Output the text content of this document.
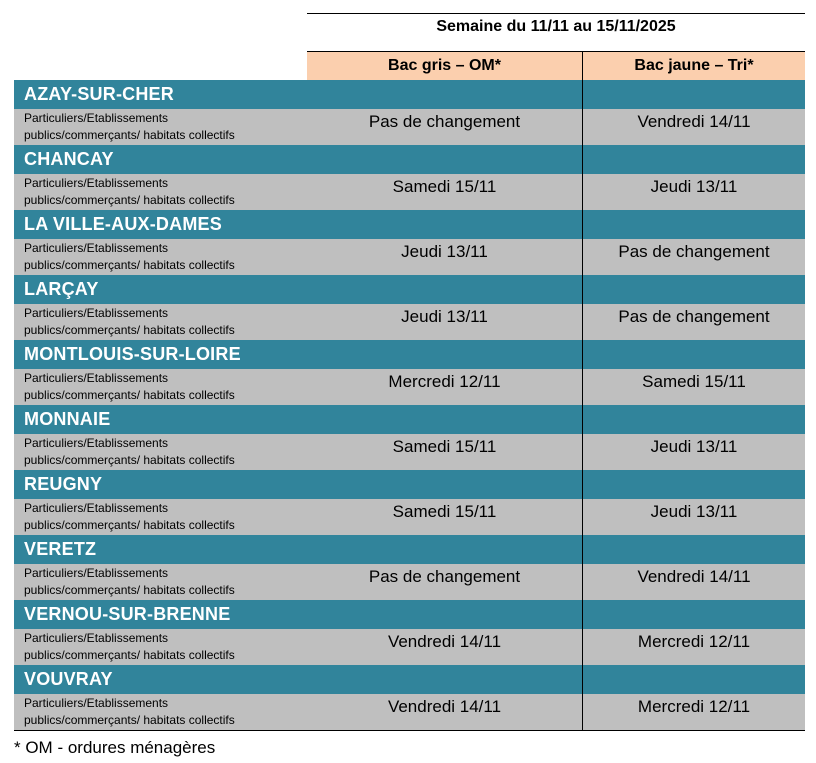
Semaine du 11/11 au 15/11/2025
Bac gris – OM*	Bac jaune – Tri*
AZAY-SUR-CHER
Particuliers/Etablissements
publics/commerçants/ habitats collectifs
Pas de changement	Vendredi 14/11
CHANCAY
Particuliers/Etablissements
publics/commerçants/ habitats collectifs
Samedi 15/11	Jeudi 13/11
LA VILLE-AUX-DAMES
Particuliers/Etablissements
publics/commerçants/ habitats collectifs
Jeudi 13/11	Pas de changement
LARÇAY
Particuliers/Etablissements
publics/commerçants/ habitats collectifs
Jeudi 13/11	Pas de changement
MONTLOUIS-SUR-LOIRE
Particuliers/Etablissements
publics/commerçants/ habitats collectifs
Mercredi 12/11	Samedi 15/11
MONNAIE
Particuliers/Etablissements
publics/commerçants/ habitats collectifs
Samedi 15/11	Jeudi 13/11
REUGNY
Particuliers/Etablissements
publics/commerçants/ habitats collectifs
Samedi 15/11	Jeudi 13/11
VERETZ
Particuliers/Etablissements
publics/commerçants/ habitats collectifs
Pas de changement	Vendredi 14/11
VERNOU-SUR-BRENNE
Particuliers/Etablissements
publics/commerçants/ habitats collectifs
Vendredi 14/11	Mercredi 12/11
VOUVRAY
Particuliers/Etablissements
publics/commerçants/ habitats collectifs
Vendredi 14/11	Mercredi 12/11
* OM - ordures ménagères
